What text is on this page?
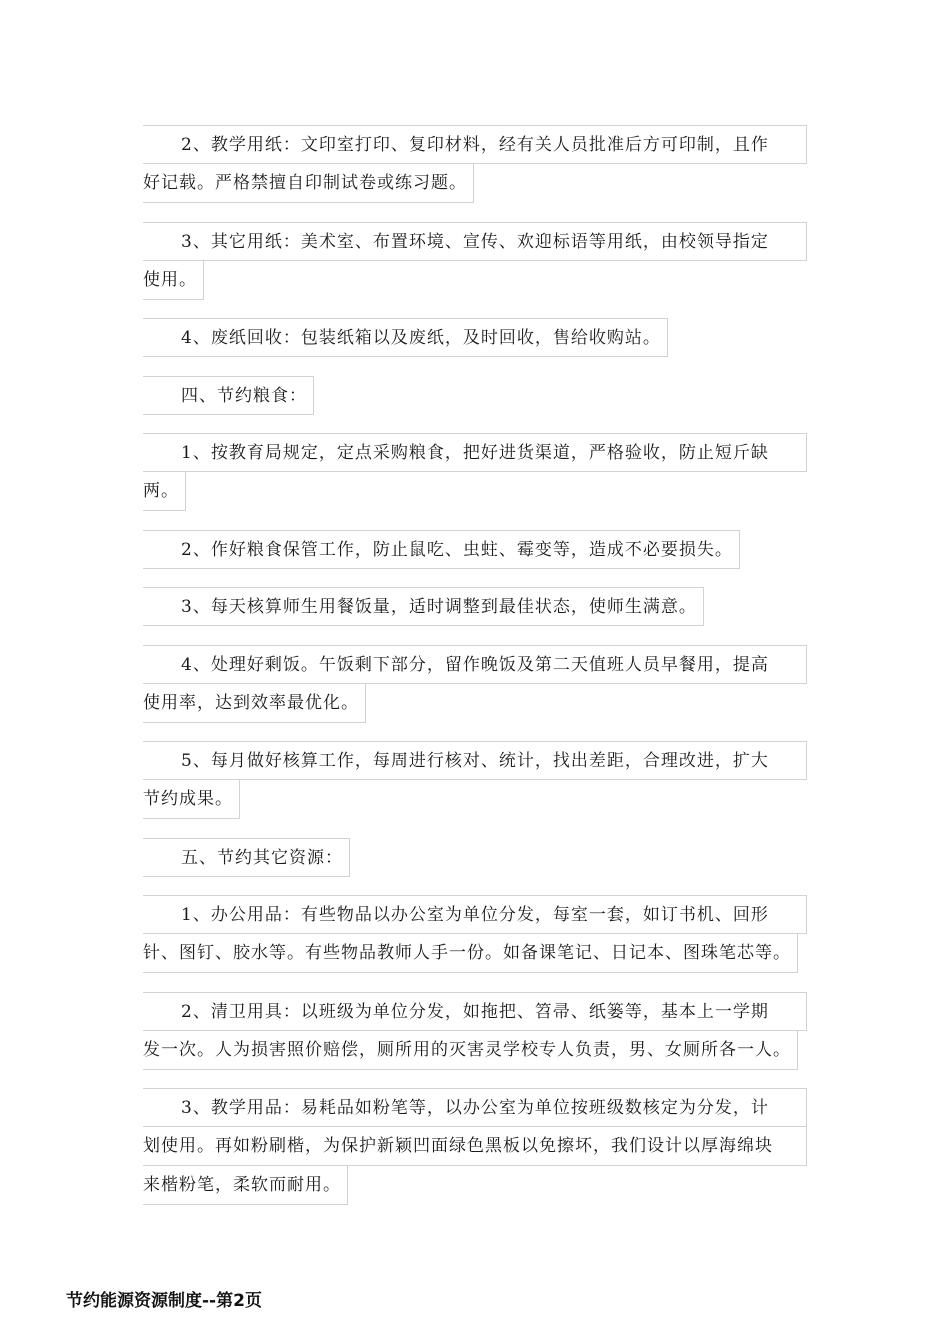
2、教学用纸：文印室打印、复印材料，经有关人员批准后方可印制，且作
好记载。严格禁擅自印制试卷或练习题。
3、其它用纸：美术室、布置环境、宣传、欢迎标语等用纸，由校领导指定
使用。
4、废纸回收：包装纸箱以及废纸，及时回收，售给收购站。
四、节约粮食：
1、按教育局规定，定点采购粮食，把好进货渠道，严格验收，防止短斤缺
两。
2、作好粮食保管工作，防止鼠吃、虫蛀、霉变等，造成不必要损失。
3、每天核算师生用餐饭量，适时调整到最佳状态，使师生满意。
4、处理好剩饭。午饭剩下部分，留作晚饭及第二天值班人员早餐用，提高
使用率，达到效率最优化。
5、每月做好核算工作，每周进行核对、统计，找出差距，合理改进，扩大
节约成果。
五、节约其它资源：
1、办公用品：有些物品以办公室为单位分发，每室一套，如订书机、回形
针、图钉、胶水等。有些物品教师人手一份。如备课笔记、日记本、图珠笔芯等。
2、清卫用具：以班级为单位分发，如拖把、笤帚、纸篓等，基本上一学期
发一次。人为损害照价赔偿，厕所用的灭害灵学校专人负责，男、女厕所各一人。
3、教学用品：易耗品如粉笔等，以办公室为单位按班级数核定为分发，计
划使用。再如粉刷楷，为保护新颖凹面绿色黑板以免擦坏，我们设计以厚海绵块
来楷粉笔，柔软而耐用。
节约能源资源制度--第2页
